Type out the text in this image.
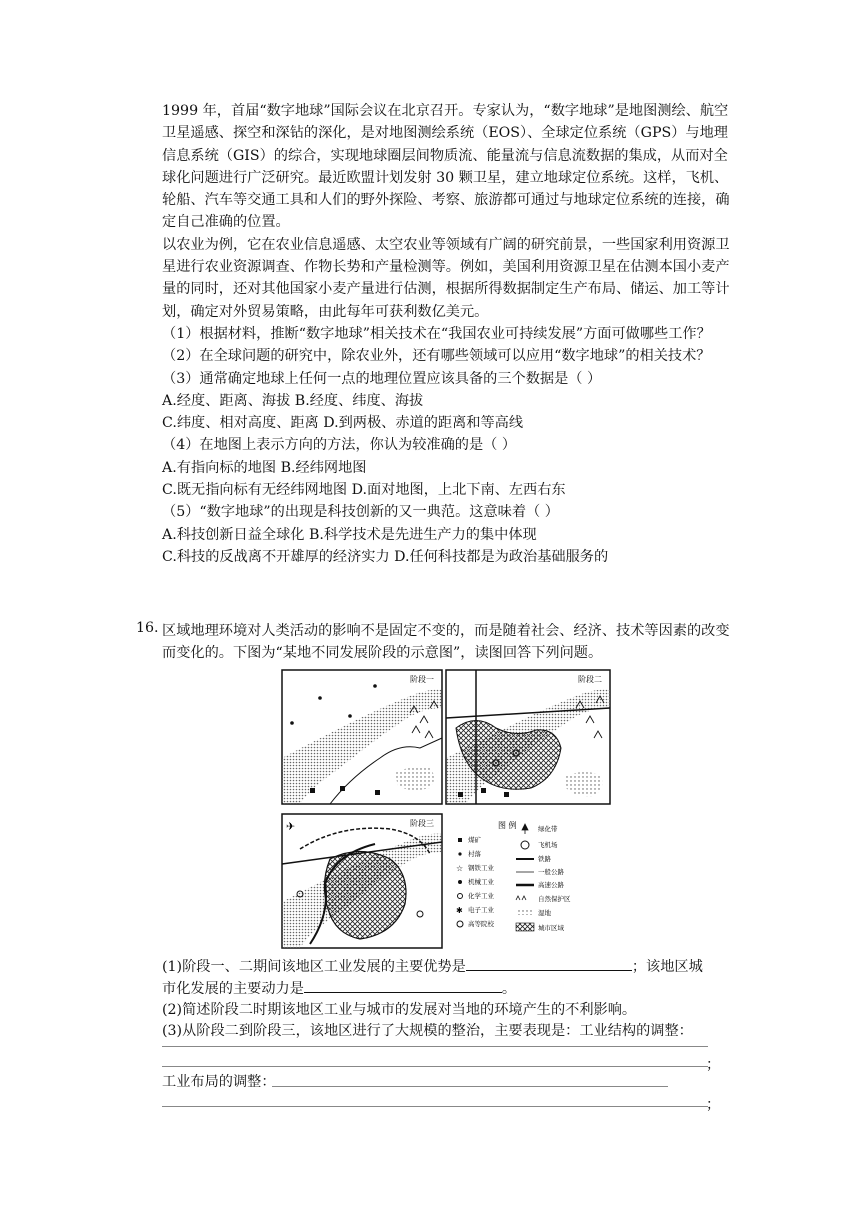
1999 年，首届“数字地球”国际会议在北京召开。专家认为，“数字地球”是地图测绘、航空卫星遥感、探空和深钻的深化，是对地图测绘系统（EOS）、全球定位系统（GPS）与地理信息系统（GIS）的综合，实现地球圈层间物质流、能量流与信息流数据的集成，从而对全球化问题进行广泛研究。最近欧盟计划发射 30 颗卫星，建立地球定位系统。这样，飞机、轮船、汽车等交通工具和人们的野外探险、考察、旅游都可通过与地球定位系统的连接，确定自己准确的位置。

以农业为例，它在农业信息遥感、太空农业等领域有广阔的研究前景，一些国家利用资源卫星进行农业资源调查、作物长势和产量检测等。例如，美国利用资源卫星在估测本国小麦产量的同时，还对其他国家小麦产量进行估测，根据所得数据制定生产布局、储运、加工等计划，确定对外贸易策略，由此每年可获利数亿美元。

（1）根据材料，推断“数字地球”相关技术在“我国农业可持续发展”方面可做哪些工作？

（2）在全球问题的研究中，除农业外，还有哪些领域可以应用“数字地球”的相关技术？

（3）通常确定地球上任何一点的地理位置应该具备的三个数据是（ ）

A.经度、距离、海拔 B.经度、纬度、海拔

C.纬度、相对高度、距离 D.到两极、赤道的距离和等高线

（4）在地图上表示方向的方法，你认为较准确的是（ ）

A.有指向标的地图 B.经纬网地图

C.既无指向标有无经纬网地图 D.面对地图，上北下南、左西右东

（5）“数字地球”的出现是科技创新的又一典范。这意味着（ ）

A.科技创新日益全球化 B.科学技术是先进生产力的集中体现

C.科技的反战离不开雄厚的经济实力 D.任何科技都是为政治基础服务的

16. 区域地理环境对人类活动的影响不是固定不变的，而是随着社会、经济、技术等因素的改变而变化的。下图为“某地不同发展阶段的示意图”，读图回答下列问题。

阶段一	阶段二
阶段三
✈	图 例
煤矿
村落
☆ 钢铁工业
机械工业
化学工业
✱ 电子工业
高等院校
绿化带
飞机场
铁路
一般公路
高速公路
自然保护区
湿地
城市区域

(1)阶段一、二期间该地区工业发展的主要优势是	；该地区城

市化发展的主要动力是	。

(2)简述阶段二时期该地区工业与城市的发展对当地的环境产生的不利影响。

(3)从阶段二到阶段三，该地区进行了大规模的整治，主要表现是：工业结构的调整：

；

工业布局的调整：

；
